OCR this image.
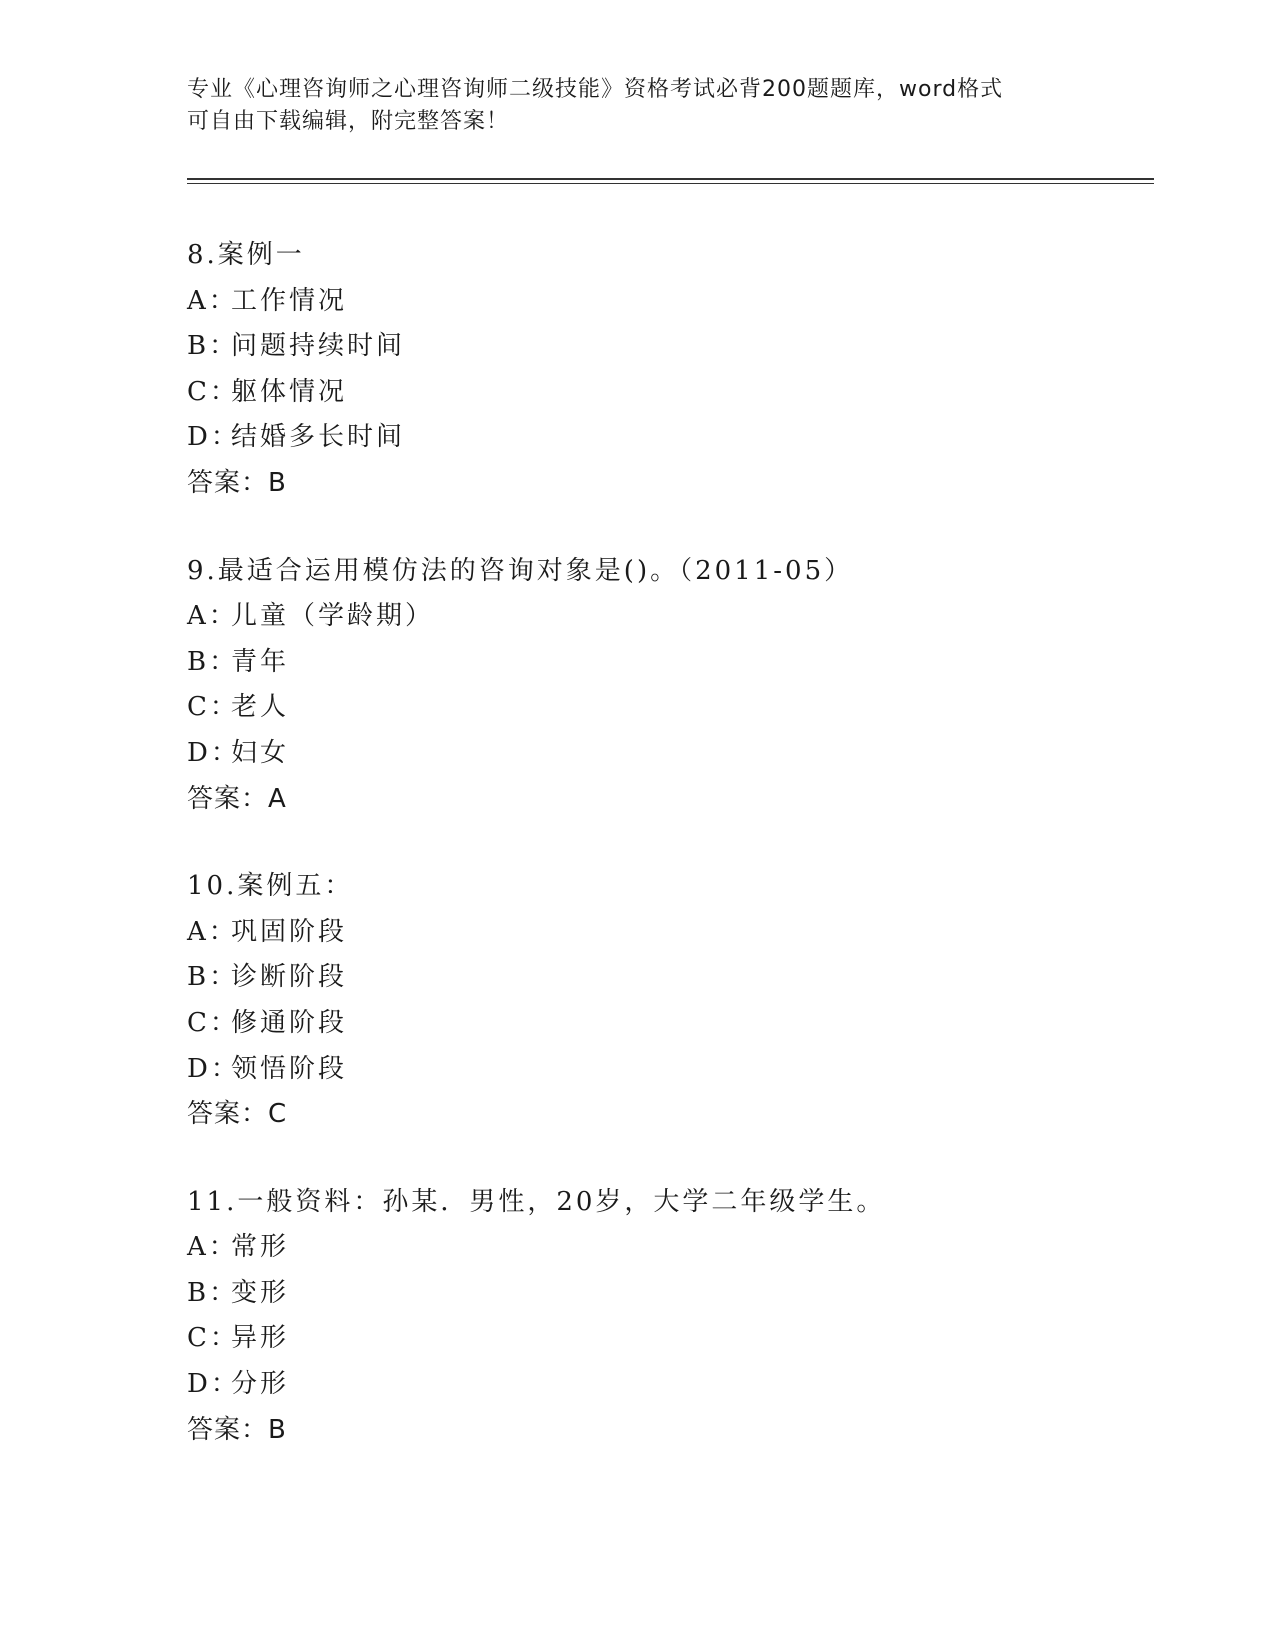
专业《心理咨询师之心理咨询师二级技能》资格考试必背200题题库，word格式
可自由下载编辑，附完整答案！
8.案例一
A：工作情况
B：问题持续时间
C：躯体情况
D：结婚多长时间
答案：B
9.最适合运用模仿法的咨询对象是()。（2011-05）
A：儿童（学龄期）
B：青年
C：老人
D：妇女
答案：A
10.案例五：
A：巩固阶段
B：诊断阶段
C：修通阶段
D：领悟阶段
答案：C
11.一般资料：孙某．男性，20岁，大学二年级学生。
A：常形
B：变形
C：异形
D：分形
答案：B
